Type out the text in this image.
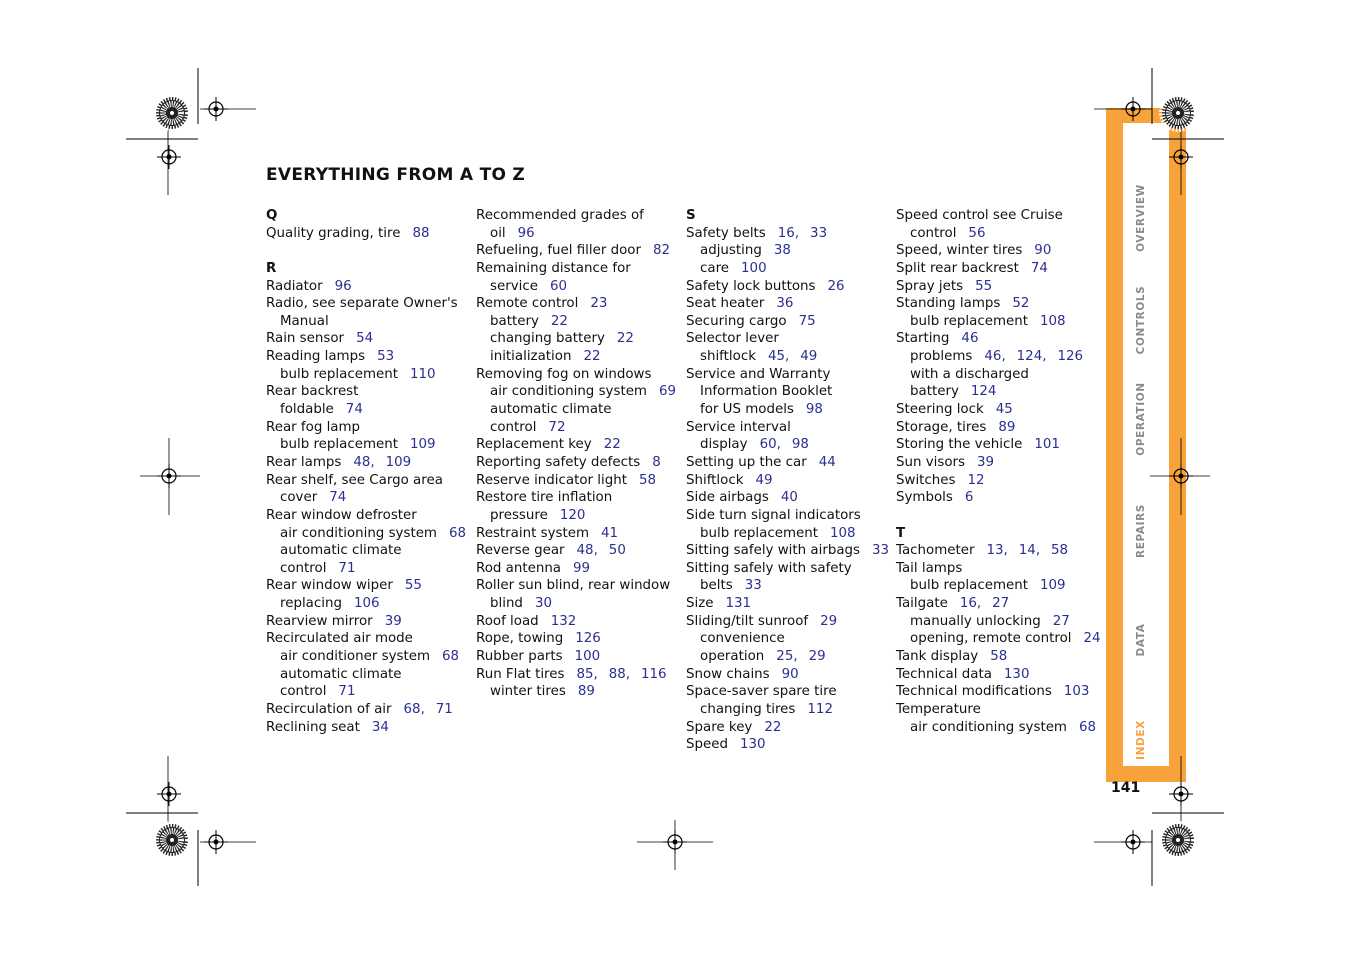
EVERYTHING FROM A TO Z
Q
Quality grading, tire 88
R
Radiator 96
Radio, see separate Owner's
Manual
Rain sensor 54
Reading lamps 53
bulb replacement 110
Rear backrest
foldable 74
Rear fog lamp
bulb replacement 109
Rear lamps 48,  109
Rear shelf, see Cargo area
cover 74
Rear window defroster
air conditioning system 68
automatic climate
control 71
Rear window wiper 55
replacing 106
Rearview mirror 39
Recirculated air mode
air conditioner system 68
automatic climate
control 71
Recirculation of air 68,  71
Reclining seat 34
Recommended grades of
oil 96
Refueling, fuel filler door 82
Remaining distance for
service 60
Remote control 23
battery 22
changing battery 22
initialization 22
Removing fog on windows
air conditioning system 69
automatic climate
control 72
Replacement key 22
Reporting safety defects 8
Reserve indicator light 58
Restore tire inflation
pressure 120
Restraint system 41
Reverse gear 48,  50
Rod antenna 99
Roller sun blind, rear window
blind 30
Roof load 132
Rope, towing 126
Rubber parts 100
Run Flat tires 85,  88,  116
winter tires 89
S
Safety belts 16,  33
adjusting 38
care 100
Safety lock buttons 26
Seat heater 36
Securing cargo 75
Selector lever
shiftlock 45,  49
Service and Warranty
Information Booklet
for US models 98
Service interval
display 60,  98
Setting up the car 44
Shiftlock 49
Side airbags 40
Side turn signal indicators
bulb replacement 108
Sitting safely with airbags 33
Sitting safely with safety
belts 33
Size 131
Sliding/tilt sunroof 29
convenience
operation 25,  29
Snow chains 90
Space-saver spare tire
changing tires 112
Spare key 22
Speed 130
Speed control see Cruise
control 56
Speed, winter tires 90
Split rear backrest 74
Spray jets 55
Standing lamps 52
bulb replacement 108
Starting 46
problems 46,  124,  126
with a discharged
battery 124
Steering lock 45
Storage, tires 89
Storing the vehicle 101
Sun visors 39
Switches 12
Symbols 6
T
Tachometer 13,  14,  58
Tail lamps
bulb replacement 109
Tailgate 16,  27
manually unlocking 27
opening, remote control 24
Tank display 58
Technical data 130
Technical modifications 103
Temperature
air conditioning system 68
OVERVIEW
CONTROLS
OPERATION
REPAIRS
DATA
INDEX
141
